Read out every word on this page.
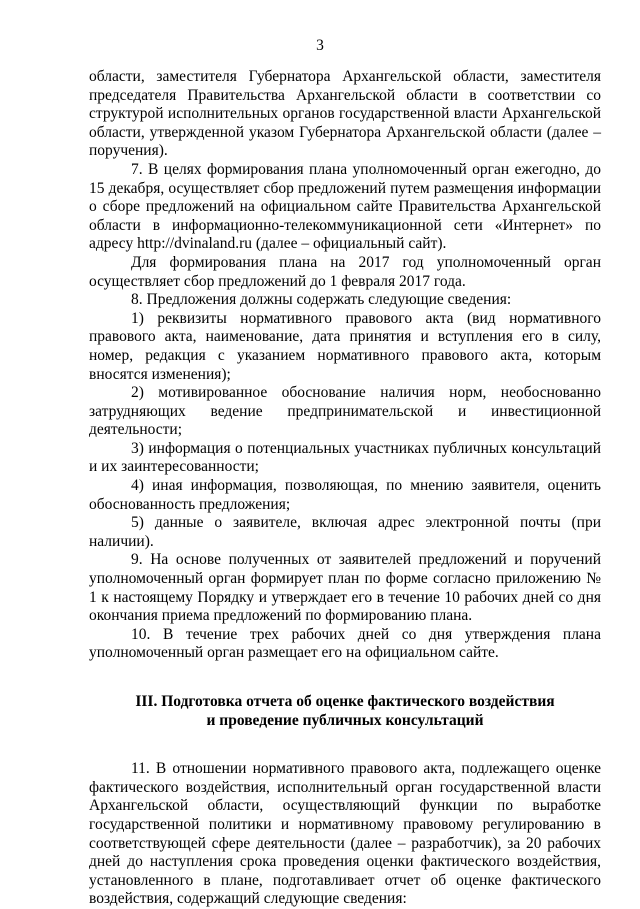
3

области, заместителя Губернатора Архангельской области, заместителя председателя Правительства Архангельской области в соответствии со структурой исполнительных органов государственной власти Архангельской области, утвержденной указом Губернатора Архангельской области (далее – поручения).

7. В целях формирования плана уполномоченный орган ежегодно, до 15 декабря, осуществляет сбор предложений путем размещения информации о сборе предложений на официальном сайте Правительства Архангельской области в информационно-телекоммуникационной сети «Интернет» по адресу http://dvinaland.ru (далее – официальный сайт).

Для формирования плана на 2017 год уполномоченный орган осуществляет сбор предложений до 1 февраля 2017 года.

8. Предложения должны содержать следующие сведения:

1) реквизиты нормативного правового акта (вид нормативного правового акта, наименование, дата принятия и вступления его в силу, номер, редакция с указанием нормативного правового акта, которым вносятся изменения);

2) мотивированное обоснование наличия норм, необоснованно затрудняющих ведение предпринимательской и инвестиционной деятельности;

3) информация о потенциальных участниках публичных консультаций и их заинтересованности;

4) иная информация, позволяющая, по мнению заявителя, оценить обоснованность предложения;

5) данные о заявителе, включая адрес электронной почты (при наличии).

9. На основе полученных от заявителей предложений и поручений уполномоченный орган формирует план по форме согласно приложению № 1 к настоящему Порядку и утверждает его в течение 10 рабочих дней со дня окончания приема предложений по формированию плана.

10. В течение трех рабочих дней со дня утверждения плана уполномоченный орган размещает его на официальном сайте.

III. Подготовка отчета об оценке фактического воздействия
и проведение публичных консультаций

11. В отношении нормативного правового акта, подлежащего оценке фактического воздействия, исполнительный орган государственной власти Архангельской области, осуществляющий функции по выработке государственной политики и нормативному правовому регулированию в соответствующей сфере деятельности (далее – разработчик), за 20 рабочих дней до наступления срока проведения оценки фактического воздействия, установленного в плане, подготавливает отчет об оценке фактического воздействия, содержащий следующие сведения:
